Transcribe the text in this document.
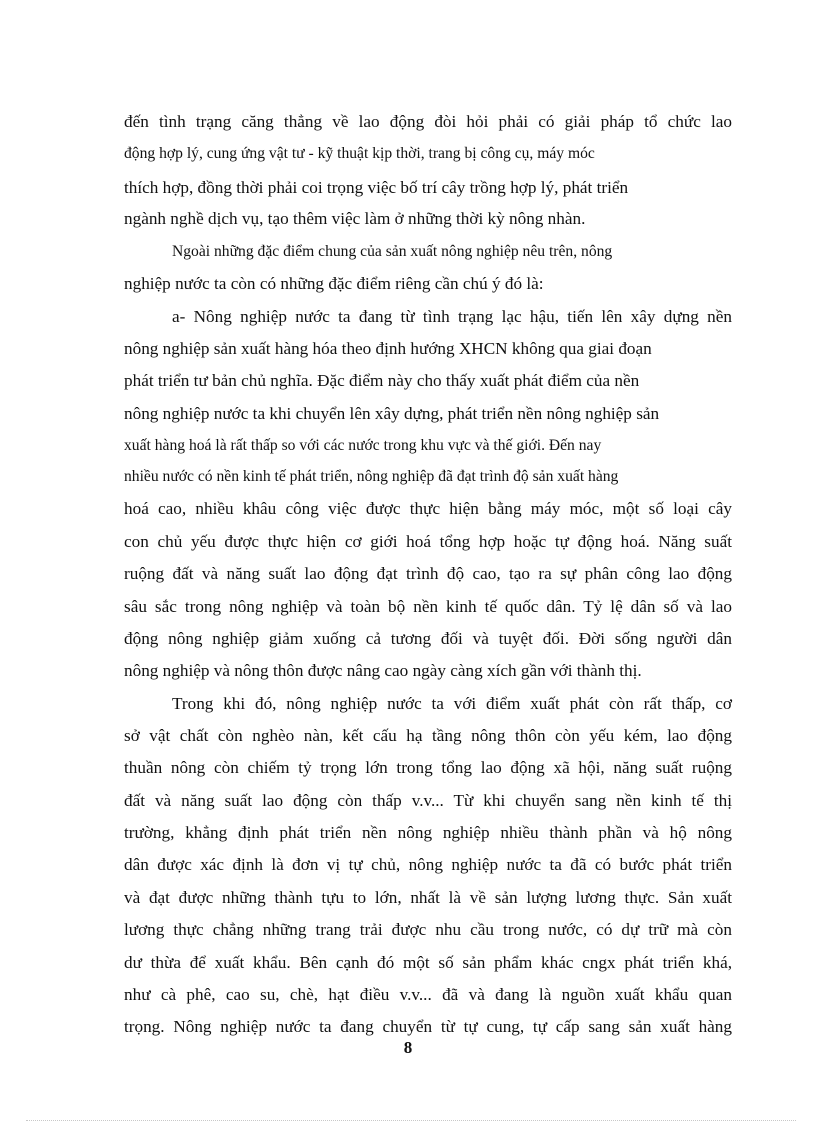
đến tình trạng căng thẳng về lao động đòi hỏi phải có giải pháp tổ chức lao
động hợp lý, cung ứng vật tư - kỹ thuật kịp thời, trang bị công cụ, máy móc
thích hợp, đồng thời phải coi trọng việc bố trí cây trồng hợp lý, phát triển
ngành nghề dịch vụ, tạo thêm việc làm ở những thời kỳ nông nhàn.
Ngoài những đặc điểm chung của sản xuất nông nghiệp nêu trên, nông
nghiệp nước ta còn có những đặc điểm riêng cần chú ý đó là:
a- Nông nghiệp nước ta đang từ tình trạng lạc hậu, tiến lên xây dựng nền
nông nghiệp sản xuất hàng hóa theo định hướng XHCN không qua giai đoạn
phát triển tư bản chủ nghĩa. Đặc điểm này cho thấy xuất phát điểm của nền
nông nghiệp nước ta khi chuyển lên xây dựng, phát triển nền nông nghiệp sản
xuất hàng hoá là rất thấp so với các nước trong khu vực và thế giới. Đến nay
nhiều nước có nền kinh tế phát triển, nông nghiệp đã đạt trình độ sản xuất hàng
hoá cao, nhiều khâu công việc được thực hiện bằng máy móc, một số loại cây
con chủ yếu được thực hiện cơ giới hoá tổng hợp hoặc tự động hoá. Năng suất
ruộng đất và năng suất lao động đạt trình độ cao, tạo ra sự phân công lao động
sâu sắc trong nông nghiệp và toàn bộ nền kinh tế quốc dân. Tỷ lệ dân số và lao
động nông nghiệp giảm xuống cả tương đối và tuyệt đối. Đời sống người dân
nông nghiệp và nông thôn được nâng cao ngày càng xích gần với thành thị.
Trong khi đó, nông nghiệp nước ta với điểm xuất phát còn rất thấp, cơ
sở vật chất còn nghèo nàn, kết cấu hạ tầng nông thôn còn yếu kém, lao động
thuần nông còn chiếm tỷ trọng lớn trong tổng lao động xã hội, năng suất ruộng
đất và năng suất lao động còn thấp v.v... Từ khi chuyển sang nền kinh tế thị
trường, khẳng định phát triển nền nông nghiệp nhiều thành phần và hộ nông
dân được xác định là đơn vị tự chủ, nông nghiệp nước ta đã có bước phát triển
và đạt được những thành tựu to lớn, nhất là về sản lượng lương thực. Sản xuất
lương thực chẳng những trang trải được nhu cầu trong nước, có dự trữ mà còn
dư thừa để xuất khẩu. Bên cạnh đó một số sản phẩm khác cngx phát triển khá,
như cà phê, cao su, chè, hạt điều v.v... đã và đang là nguồn xuất khẩu quan
trọng. Nông nghiệp nước ta đang chuyển từ tự cung, tự cấp sang sản xuất hàng
8
